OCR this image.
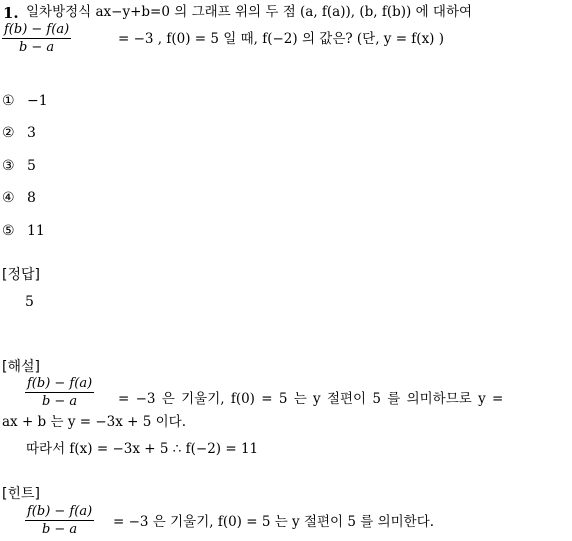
1. 일차방정식 ax−y+b=0 의 그래프 위의 두 점 (a, f(a)), (b, f(b)) 에 대하여
f(b) − f(a)
b − a
= −3 , f(0) = 5 일 때, f(−2) 의 값은? (단, y = f(x) )
① −1
② 3
③ 5
④ 8
⑤ 11
[정답]
5
[해설]
f(b) − f(a)
b − a	= −3 은 기울기, f(0) = 5 는 y 절편이 5 를 의미하므로 y =
ax + b 는 y = −3x + 5 이다.
따라서 f(x) = −3x + 5 ∴ f(−2) = 11
[힌트]
f(b) − f(a)
b − a	= −3 은 기울기, f(0) = 5 는 y 절편이 5 를 의미한다.
